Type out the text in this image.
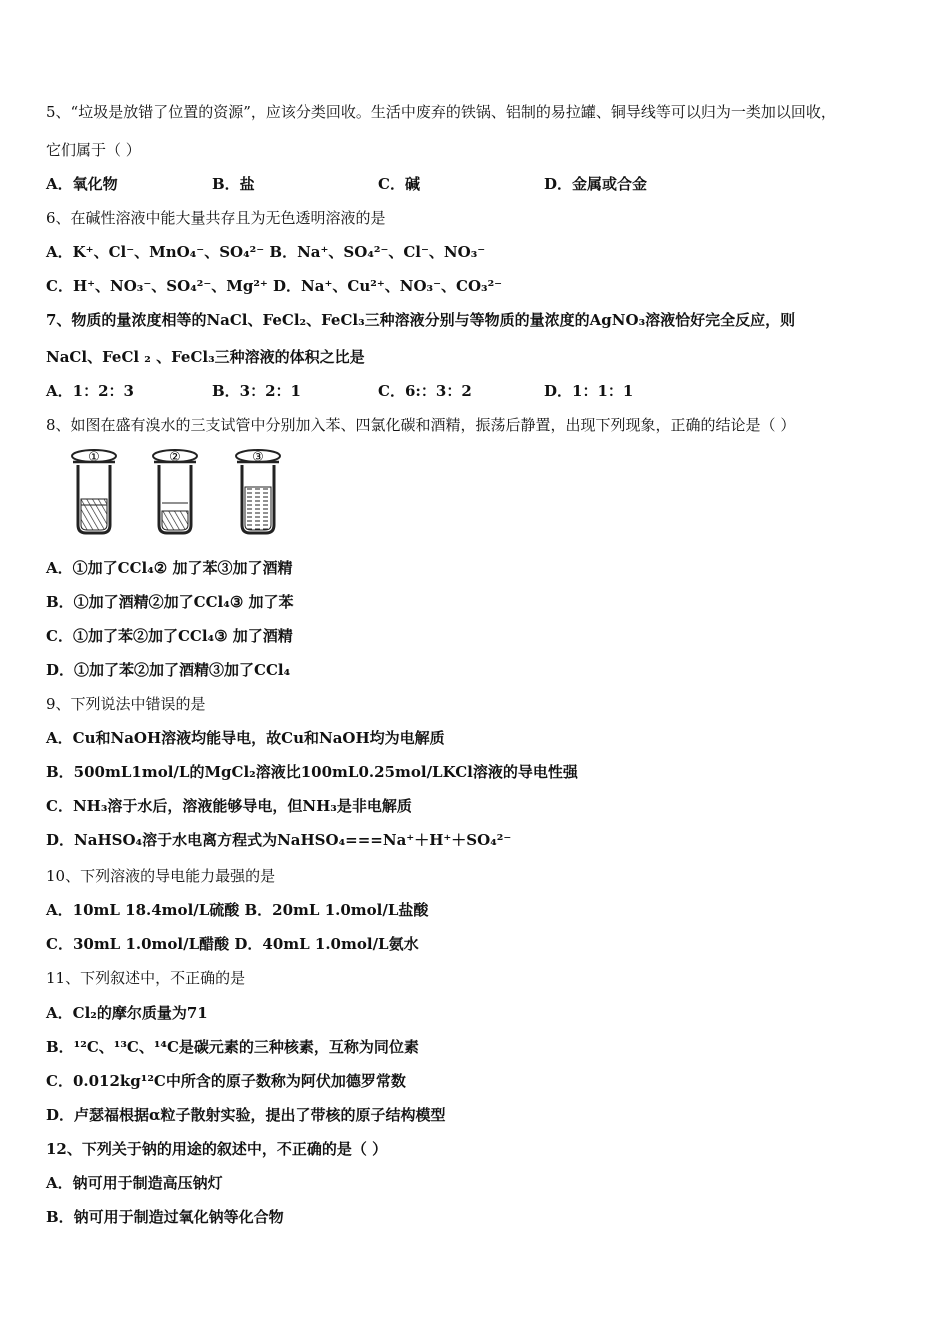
5、“垃圾是放错了位置的资源”，应该分类回收。生活中废弃的铁锅、铝制的易拉罐、铜导线等可以归为一类加以回收，
它们属于（ ）
A．氧化物	B．盐	C．碱	D．金属或合金
6、在碱性溶液中能大量共存且为无色透明溶液的是
A．K⁺、Cl⁻、MnO₄⁻、SO₄²⁻ B．Na⁺、SO₄²⁻、Cl⁻、NO₃⁻
C．H⁺、NO₃⁻、SO₄²⁻、Mg²⁺ D．Na⁺、Cu²⁺、NO₃⁻、CO₃²⁻
7、物质的量浓度相等的NaCl、FeCl₂、FeCl₃三种溶液分别与等物质的量浓度的AgNO₃溶液恰好完全反应，则
NaCl、FeCl ₂ 、FeCl₃三种溶液的体积之比是
A．1：2：3	B．3：2：1	C．6:：3：2	D．1：1：1
8、如图在盛有溴水的三支试管中分别加入苯、四氯化碳和酒精，振荡后静置，出现下列现象，正确的结论是（ ）
①	②	③
A．①加了CCl₄② 加了苯③加了酒精
B．①加了酒精②加了CCl₄③ 加了苯
C．①加了苯②加了CCl₄③ 加了酒精
D．①加了苯②加了酒精③加了CCl₄
9、下列说法中错误的是
A．Cu和NaOH溶液均能导电，故Cu和NaOH均为电解质
B．500mL1mol/L的MgCl₂溶液比100mL0.25mol/LKCl溶液的导电性强
C．NH₃溶于水后，溶液能够导电，但NH₃是非电解质
D．NaHSO₄溶于水电离方程式为NaHSO₄===Na⁺＋H⁺＋SO₄²⁻
10、下列溶液的导电能力最强的是
A．10mL 18.4mol/L硫酸 B．20mL 1.0mol/L盐酸
C．30mL 1.0mol/L醋酸 D．40mL 1.0mol/L氨水
11、下列叙述中，不正确的是
A．Cl₂的摩尔质量为71
B．¹²C、¹³C、¹⁴C是碳元素的三种核素，互称为同位素
C．0.012kg¹²C中所含的原子数称为阿伏加德罗常数
D．卢瑟福根据α粒子散射实验，提出了带核的原子结构模型
12、下列关于钠的用途的叙述中，不正确的是（ ）
A．钠可用于制造高压钠灯
B．钠可用于制造过氧化钠等化合物
